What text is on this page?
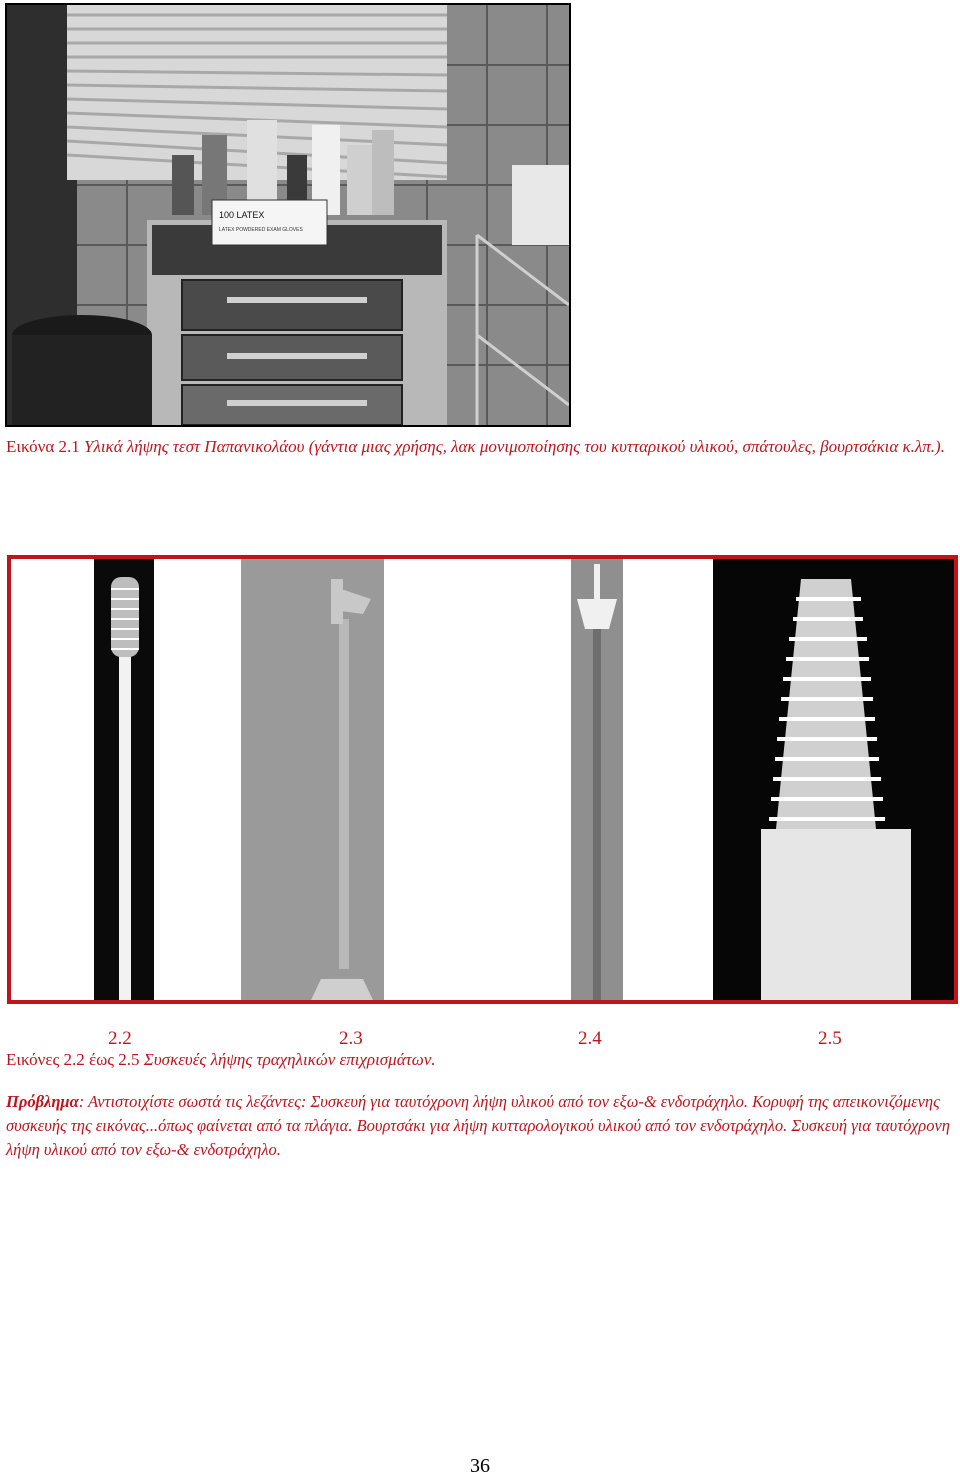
100 LATEX
LATEX POWDERED EXAM GLOVES
Εικόνα 2.1 Υλικά λήψης τεστ Παπανικολάου (γάντια μιας χρήσης, λακ μονιμοποίησης του κυτταρικού υλικού, σπάτουλες, βουρτσάκια κ.λπ.).
2.2	2.3	2.4	2.5
Εικόνες 2.2 έως 2.5 Συσκευές λήψης τραχηλικών επιχρισμάτων.
Πρόβλημα: Αντιστοιχίστε σωστά τις λεζάντες: Συσκευή για ταυτόχρονη λήψη υλικού από τον εξω-& ενδοτράχηλο. Κορυφή της απεικονιζόμενης συσκευής της εικόνας...όπως φαίνεται από τα πλάγια. Βουρτσάκι για λήψη κυτταρολογικού υλικού από τον ενδοτράχηλο. Συσκευή για ταυτόχρονη λήψη υλικού από τον εξω-& ενδοτράχηλο.
36
